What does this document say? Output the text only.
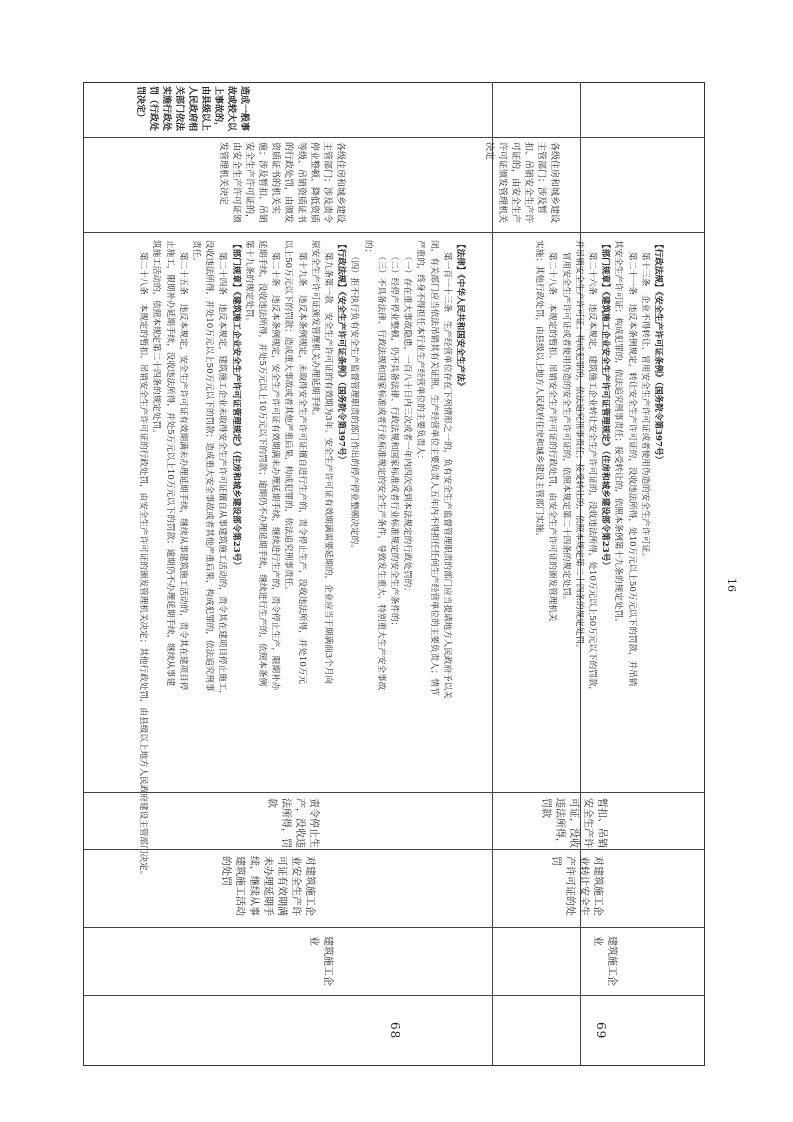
68
建筑施工企业
对建筑施工企业安全生产许可证有效期满未办理延期手续，继续从事建筑施工活动的处罚
责令停止生产，没收违法所得，罚款

【法律】《中华人民共和国安全生产法》

第一百一十三条　生产经营单位存在下列情形之一的，负有安全生产监督管理职责的部门应当提请地方人民政府予以关

闭，有关部门应当依法吊销其有关证照。生产经营单位主要负责人五年内不得担任任何生产经营单位的主要负责人；情节

严重的，终身不得担任本行业生产经营单位的主要负责人：

（一）存在重大事故隐患，一百八十日内三次或者一年内四次受到本法规定的行政处罚的；

（二）经停产停业整顿，仍不具备法律、行政法规和国家标准或者行业标准规定的安全生产条件的；

（三）不具备法律、行政法规和国家标准或者行业标准规定的安全生产条件，导致发生重大、特别重大生产安全事故

的；

（四）拒不执行负有安全生产监督管理职责的部门作出的停产停业整顿决定的。

【行政法规】《安全生产许可证条例》（国务院令第397号）

第九条第一款　安全生产许可证的有效期为3年。安全生产许可证有效期满需要延期的，企业应当于期满前3个月向

原安全生产许可证颁发管理机关办理延期手续。

第十九条　违反本条例规定，未取得安全生产许可证擅自进行生产的，责令停止生产，没收违法所得，并处10万元

以上50万元以下的罚款；造成重大事故或者其他严重后果，构成犯罪的，依法追究刑事责任。

第二十条　违反本条例规定，安全生产许可证有效期满未办理延期手续，继续进行生产的，责令停止生产，限期补办

延期手续，没收违法所得，并处5万元以上10万元以下的罚款；逾期仍不办理延期手续，继续进行生产的，依照本条例

第十九条的规定处罚。

【部门规章】《建筑施工企业安全生产许可证管理规定》（住房和城乡建设部令第23号）

第二十四条　违反本规定，建筑施工企业未取得安全生产许可证擅自从事建筑施工活动的，责令其在建项目停止施工，

没收违法所得，并处10万元以上50万元以下的罚款；造成重大安全事故或者其他严重后果，构成犯罪的，依法追究刑事

责任。

第二十五条　违反本规定，安全生产许可证有效期满未办理延期手续，继续从事建筑施工活动的，责令其在建项目停

止施工，限期补办延期手续，没收违法所得，并处5万元以上10万元以下的罚款；逾期仍不办理延期手续，继续从事建

筑施工活动的，依照本规定第二十四条的规定处罚。

第二十八条　本规定的暂扣、吊销安全生产许可证的行政处罚，由安全生产许可证的颁发管理机关决定；其他行政处罚，由县级以上地方人民政府建设主管部门决定。

各级住房和城乡建设主管部门；涉及责令停业整顿、降低资质等级、吊销资质证书的行政处罚，由颁发资质证书的机关实施；涉及暂扣、吊销安全生产许可证的，由安全生产许可证颁发管理机关决定
造成一般事故或较大以上事故的，由县级以上人民政府相关部门依法实施行政处罚（行政处罚决定）
69
建筑施工企业
对建筑施工企业转让安全生产许可证的处罚
暂扣、吊销安全生产许可证，没收违法所得，罚款

【行政法规】《安全生产许可证条例》（国务院令第397号）

第十三条　企业不得转让、冒用安全生产许可证或者使用伪造的安全生产许可证。

第二十一条　违反本条例规定，转让安全生产许可证的，没收违法所得，处10万元以上50万元以下的罚款，并吊销

其安全生产许可证；构成犯罪的，依法追究刑事责任；接受转让的，依照本条例第十九条的规定处罚。

【部门规章】《建筑施工企业安全生产许可证管理规定》（住房和城乡建设部令第23号）

第二十六条　违反本规定，建筑施工企业转让安全生产许可证的，没收违法所得，处10万元以上50万元以下的罚款，

并吊销安全生产许可证；构成犯罪的，依法追究刑事责任；接受转让的，依照本规定第二十四条的规定处罚。

冒用安全生产许可证或者使用伪造的安全生产许可证的，依照本规定第二十四条的规定处罚。

第二十八条　本规定的暂扣、吊销安全生产许可证的行政处罚，由安全生产许可证的颁发管理机关

实施；其他行政处罚，由县级以上地方人民政府住房和城乡建设主管部门实施。

各级住房和城乡建设主管部门；涉及暂扣、吊销安全生产许可证的，由安全生产许可证颁发管理机关决定
16
